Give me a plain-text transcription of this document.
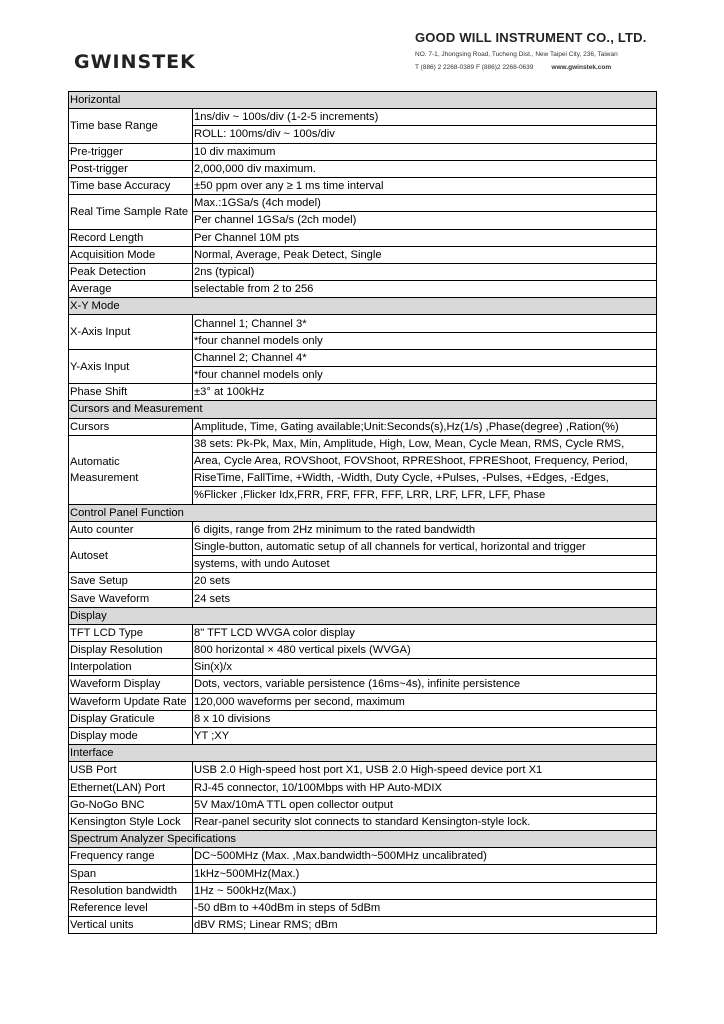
GWINSTEK
GOOD WILL INSTRUMENT CO., LTD.
NO. 7-1, Jhongsing Road, Tucheng Dist., New Taipei City, 236, Taiwan
T (886) 2 2268-0389 F (886)2 2268-0639	www.gwinstek.com
Horizontal	
Time base Range	1ns/div ~ 100s/div (1-2-5 increments)
	ROLL: 100ms/div ~ 100s/div
Pre-trigger	10 div maximum
Post-trigger	2,000,000 div maximum.
Time base Accuracy	±50 ppm over any ≥ 1 ms time interval
Real Time Sample Rate	Max.:1GSa/s (4ch model)
	Per channel 1GSa/s (2ch model)
Record Length	Per Channel 10M pts
Acquisition Mode	Normal, Average, Peak Detect, Single
Peak Detection	2ns (typical)
Average	selectable from 2 to 256
X-Y Mode	
X-Axis Input	Channel 1; Channel 3*
	*four channel models only
Y-Axis Input	Channel 2; Channel 4*
	*four channel models only
Phase Shift	±3° at 100kHz
Cursors and Measurement	
Cursors	Amplitude, Time, Gating available;Unit:Seconds(s),Hz(1/s) ,Phase(degree) ,Ration(%)
Automatic Measurement	38 sets: Pk-Pk, Max, Min, Amplitude, High, Low, Mean, Cycle Mean, RMS, Cycle RMS,
	Area, Cycle Area, ROVShoot, FOVShoot, RPREShoot, FPREShoot, Frequency, Period,
	RiseTime, FallTime, +Width, -Width, Duty Cycle, +Pulses, -Pulses, +Edges, -Edges,
	%Flicker ,Flicker Idx,FRR, FRF, FFR, FFF, LRR, LRF, LFR, LFF, Phase
Control Panel Function	
Auto counter	6 digits, range from 2Hz minimum to the rated bandwidth
Autoset	Single-button, automatic setup of all channels for vertical, horizontal and trigger
	systems, with undo Autoset
Save Setup	20 sets
Save Waveform	24 sets
Display	
TFT LCD Type	8" TFT LCD WVGA color display
Display Resolution	800 horizontal × 480 vertical pixels (WVGA)
Interpolation	Sin(x)/x
Waveform Display	Dots, vectors, variable persistence (16ms~4s), infinite persistence
Waveform Update Rate	120,000 waveforms per second, maximum
Display Graticule	8 x 10 divisions
Display mode	YT ;XY
Interface	
USB Port	USB 2.0 High-speed host port X1, USB 2.0 High-speed device port X1
Ethernet(LAN) Port	RJ-45 connector, 10/100Mbps with HP Auto-MDIX
Go-NoGo BNC	5V Max/10mA TTL open collector output
Kensington Style Lock	Rear-panel security slot connects to standard Kensington-style lock.
Spectrum Analyzer Specifications	
Frequency range	DC~500MHz (Max. ,Max.bandwidth~500MHz uncalibrated)
Span	1kHz~500MHz(Max.)
Resolution bandwidth	1Hz ~ 500kHz(Max.)
Reference level	-50 dBm to +40dBm in steps of 5dBm
Vertical units	dBV RMS; Linear RMS; dBm
